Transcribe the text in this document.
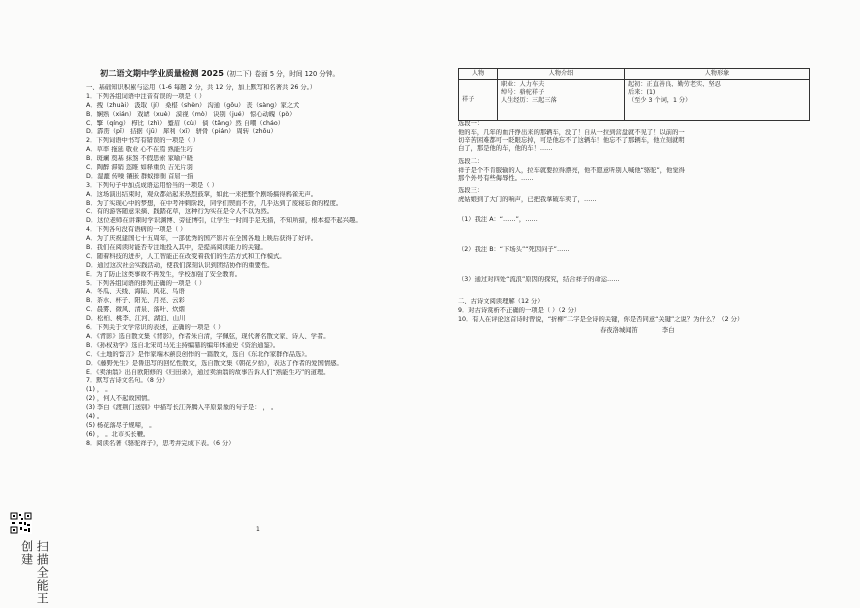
初二语文期中学业质量检测 2025 (初二下) 卷面 5 分，时间 120 分钟。
一、基础知识积累与运用（1-6 每题 2 分，共 12 分，加上默写和名著共 26 分。）
1．下列各组词语中注音有误的一项是（ ）
A．拽（zhuài） 汲取（jí） 桑椹（shèn） 沟通（gōu） 丧（sàng）家之犬
B．娴熟（xián） 戏谑（xuè） 漠视（mò） 诀别（jué） 惊心动魄（pò）
C．擎（qíng） 栉比（zhì） 蹙眉（cù） 倘（tǎng）然 自嘲（cháo）
D．霹雳（pī） 拮据（jū） 犀利（xī） 骈骨（pián） 周转（zhōu）
2．下列词语中书写有错误的一项是（ ）
A．草率 拖延 敬业 心不在焉 熟能生巧
B．斑斓 奠基 抹煞 不假思索 家喻户晓
C．陶醉 滞销 恣睢 如释重负 吉光片羽
D．湿漉 传噪 镶嵌 群蚁排衙 首屈一指
3．下列句子中加点成语运用恰当的一项是（ ）
A．这场演出结束时，观众都站起来热烈鼓掌，如此一来把整个剧场搞得鸦雀无声。
B．为了实现心中的梦想，在中考冲刺阶段，同学们锲而不舍，几乎达到了废寝忘食的程度。
C．有的游客随意采摘、践踏花草，这种行为实在是令人不以为然。
D．这位老师在讲课时学识渊博、旁征博引，让学生一时间手足无措，不知所措，根本提不起兴趣。
4．下列各句没有语病的一项是（ ）
A．为了庆祝建国七十五周年，一部优秀的国产影片在全国各地上映后获得了好评。
B．我们在阅读时能否专注地投入其中，是提高阅读能力的关键。
C．随着科技的进步，人工智能正在改变着我们的生活方式和工作模式。
D．通过这次社会实践活动，使我们深刻认识到团结协作的重要性。
E．为了防止这类事故不再发生，学校加强了安全教育。
5．下列各组词语的排列正确的一项是（ ）
A．冬瓜、天线、海陆、风花、鸟语
B．茶水、杯子、阳光、月亮、云彩
C．晨雾、微风、清泉、落叶、炊烟
D．松柏、桃李、江河、湖泊、山川
6．下列关于文学常识的表述，正确的一项是（ ）
A．《背影》选自散文集《背影》，作者朱自清，字佩弦，现代著名散文家、诗人、学者。
B．《孙权劝学》选自北宋司马光主持编纂的编年体通史《资治通鉴》。
C．《土地的誓言》是作家端木蕻良创作的一篇散文，选自《东北作家群作品选》。
D．《藤野先生》是鲁迅写的回忆性散文，选自散文集《朝花夕拾》，表达了作者的爱国情感。
E．《卖油翁》出自欧阳修的《归田录》，通过卖油翁的故事告诉人们“熟能生巧”的道理。
7．默写古诗文名句。（8 分）
(1) ， 。
(2) ，何人不起故园情。
(3) 李白《渡荆门送别》中描写长江奔腾入平原景象的句子是： ， 。
(4) 。
(5) 杨花落尽子规啼， 。
(6) ， 。北市买长鞭。
8．阅读名著《骆驼祥子》，思考并完成下表。（6 分）
人物	人物介绍	人物形象
祥子	职业：人力车夫
绰号：骆驼祥子
人生经历：三起三落	起初：正直善良、勤劳老实、坚忍
后来：(1)
（至少 3 个词，1 分）
选段一：
他的车，几年的血汗挣出来的那辆车，没了！自从一拉到营盘就不见了！以前的一切辛苦困难都可一眨眼忘掉，可是他忘不了这辆车！他忘不了那辆车，他立刻就明白了，那是他的车，他的车！……
选段二：
祥子是个不肯服输的人，拉车就要拉得漂亮，他不愿意听别人喊他“骆驼”，他觉得那个外号有些侮辱性。……
选段三：
虎姑娘到了大门的响声，已把我拿破车卖了，……
（1）我注 A：“……”，……
（2）我注 B：“下场头”“死因问子”……
（3）通过对四处“流浪”原因的探究，结合祥子的命运……
二、古诗文阅读理解（12 分）
9．对古诗赏析不正确的一项是（ ）（2 分）
10．有人在评论这首诗时曾说，“折柳”二字是全诗的关键，你是否同意“关键”之说？为什么？（2 分）
春夜洛城闻笛	李白
扫描全能王 创建
1
